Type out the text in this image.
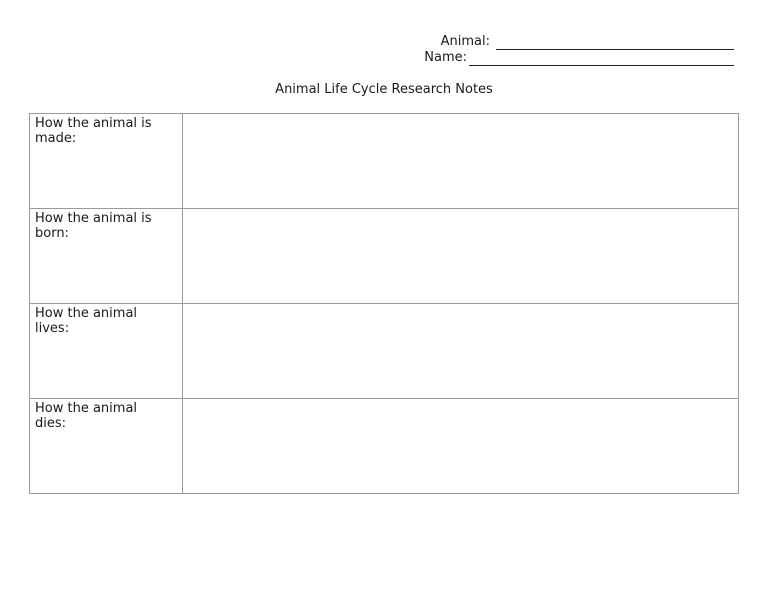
Animal:
Name:
Animal Life Cycle Research Notes
How the animal is made:	

How the animal is born:	

How the animal lives:	

How the animal dies:	
